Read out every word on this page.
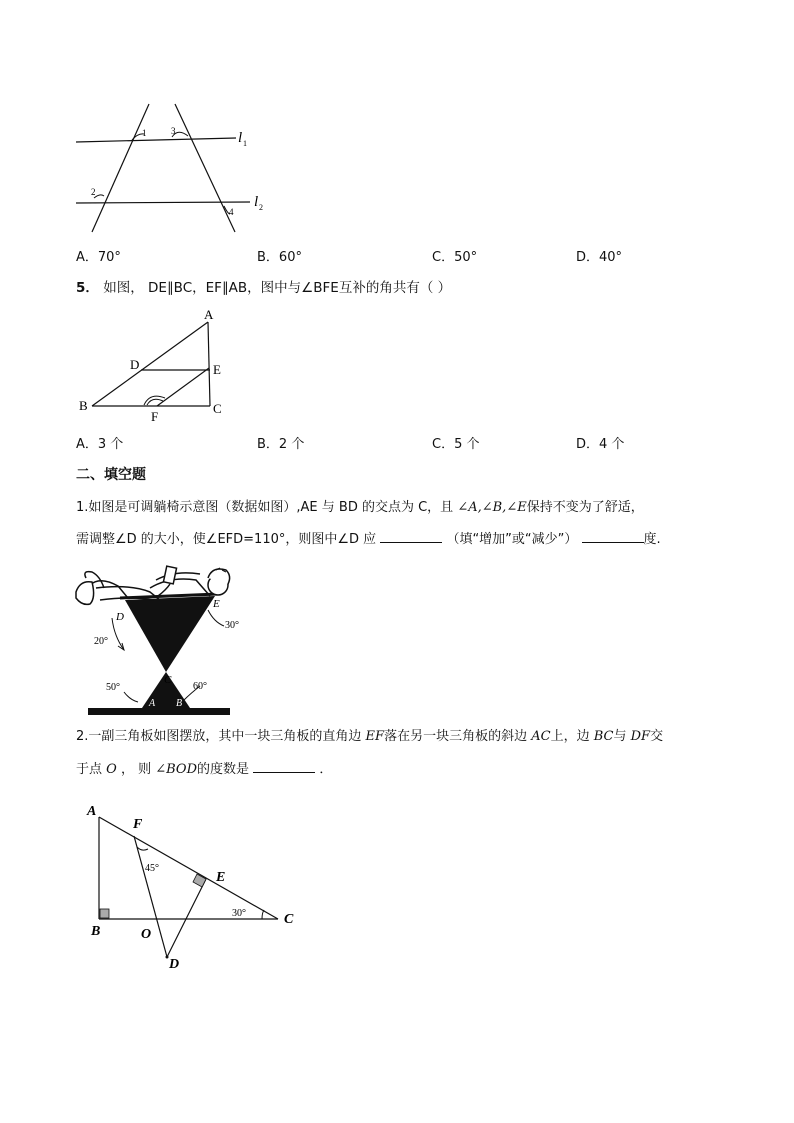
1	3
2
4
l 1
l 2
A．70°	B．60°	C．50°	D．40°
5． 如图， DE∥BC，EF∥AB，图中与∠BFE互补的角共有（ ）
A
D	E
B
F
C
A．3 个	B．2 个	C．5 个	D．4 个
二、填空题
1.如图是可调躺椅示意图（数据如图）,AE 与 BD 的交点为 C，且 ∠A,∠B,∠E保持不变为了舒适，
需调整∠D 的大小，使∠EFD=110°，则图中∠D 应	（填“增加”或“减少”）	度.
D
E
C
A B
20°
30°
50°	60°
2.一副三角板如图摆放，其中一块三角板的直角边 EF落在另一块三角板的斜边 AC上，边 BC与 DF交
于点 O ， 则 ∠BOD的度数是	．
A
F
E
C
B	O
D
45°
30°
